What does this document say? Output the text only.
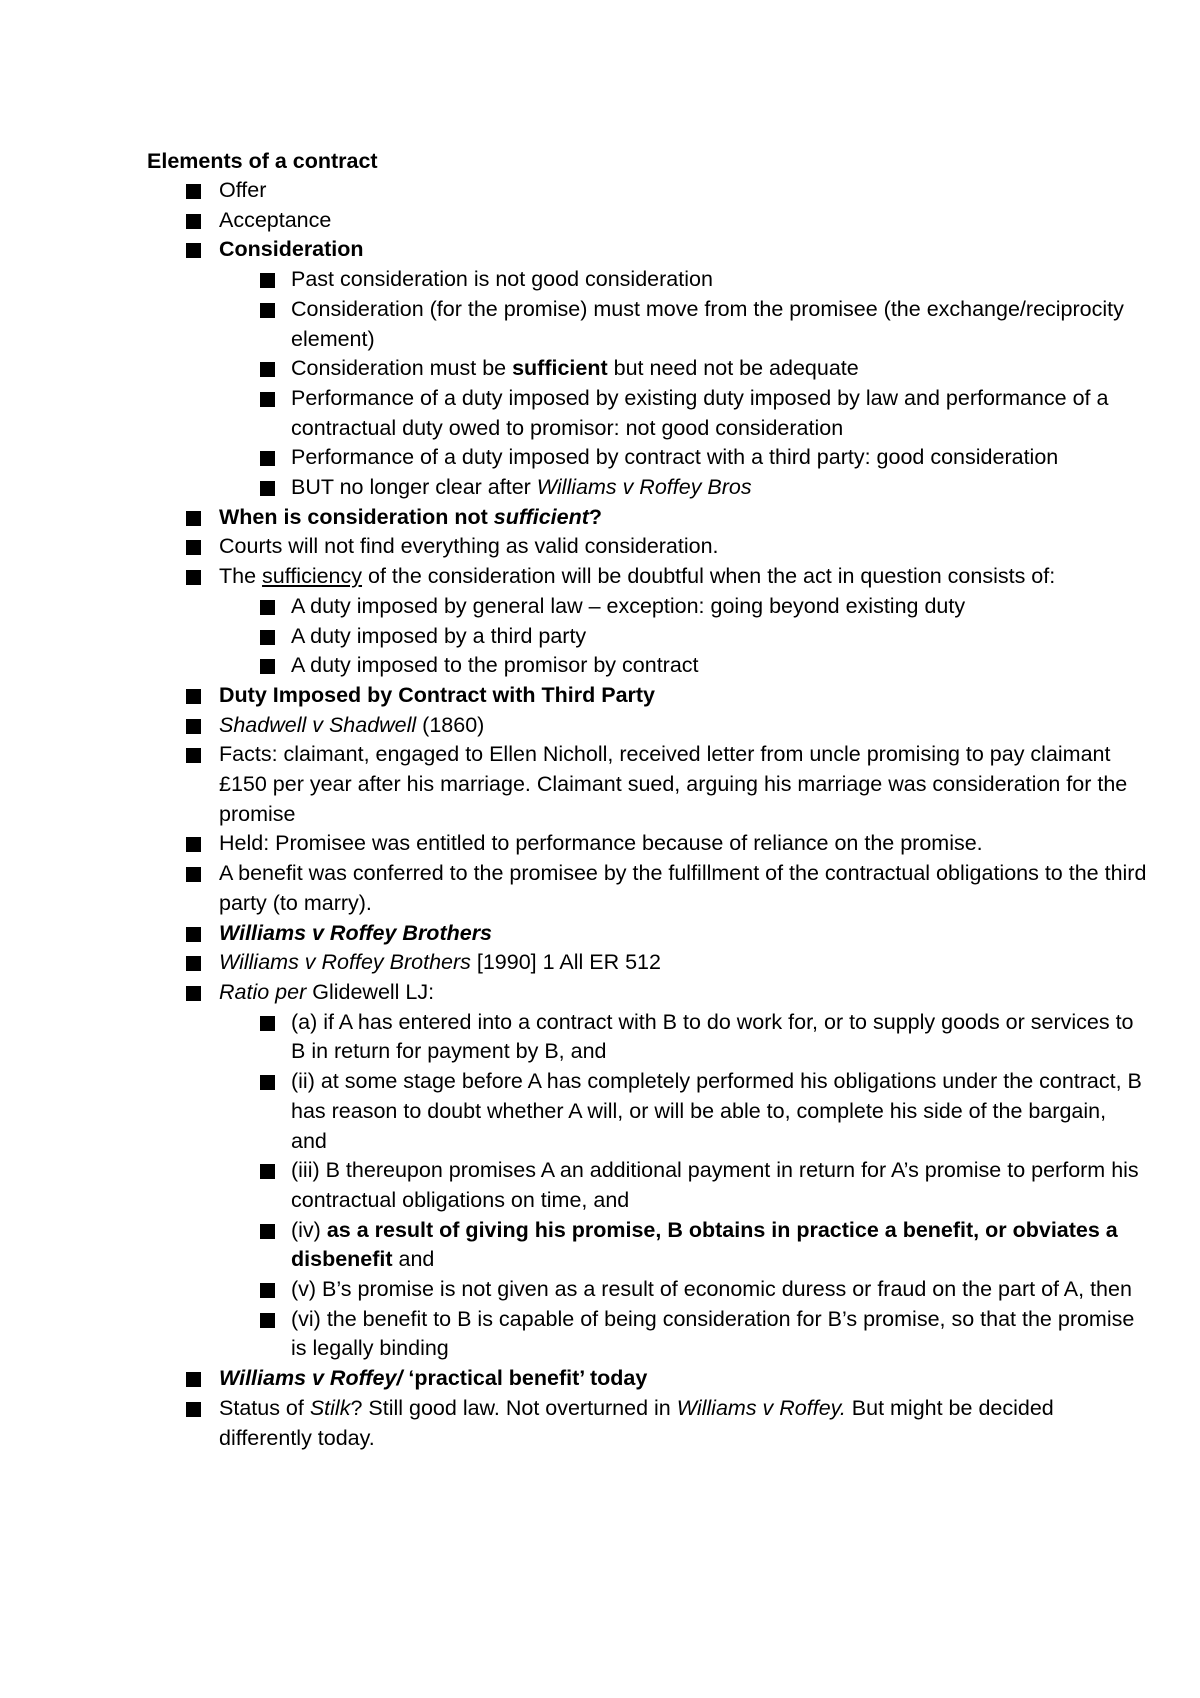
Elements of a contract
Offer
Acceptance
Consideration
Past consideration is not good consideration
Consideration (for the promise) must move from the promisee (the exchange/reciprocity element)
Consideration must be sufficient but need not be adequate
Performance of a duty imposed by existing duty imposed by law and performance of a contractual duty owed to promisor: not good consideration
Performance of a duty imposed by contract with a third party: good consideration
BUT no longer clear after Williams v Roffey Bros
When is consideration not sufficient?
Courts will not find everything as valid consideration.
The sufficiency of the consideration will be doubtful when the act in question consists of:
A duty imposed by general law – exception: going beyond existing duty
A duty imposed by a third party
A duty imposed to the promisor by contract
Duty Imposed by Contract with Third Party
Shadwell v Shadwell (1860)
Facts: claimant, engaged to Ellen Nicholl, received letter from uncle promising to pay claimant £150 per year after his marriage. Claimant sued, arguing his marriage was consideration for the promise
Held: Promisee was entitled to performance because of reliance on the promise.
A benefit was conferred to the promisee by the fulfillment of the contractual obligations to the third party (to marry).
Williams v Roffey Brothers
Williams v Roffey Brothers [1990] 1 All ER 512
Ratio per Glidewell LJ:
(a) if A has entered into a contract with B to do work for, or to supply goods or services to B in return for payment by B, and
(ii) at some stage before A has completely performed his obligations under the contract, B has reason to doubt whether A will, or will be able to, complete his side of the bargain, and
(iii) B thereupon promises A an additional payment in return for A’s promise to perform his contractual obligations on time, and
(iv) as a result of giving his promise, B obtains in practice a benefit, or obviates a disbenefit and
(v) B’s promise is not given as a result of economic duress or fraud on the part of A, then
(vi) the benefit to B is capable of being consideration for B’s promise, so that the promise is legally binding
Williams v Roffey/ ‘practical benefit’ today
Status of Stilk? Still good law. Not overturned in Williams v Roffey. But might be decided differently today.
